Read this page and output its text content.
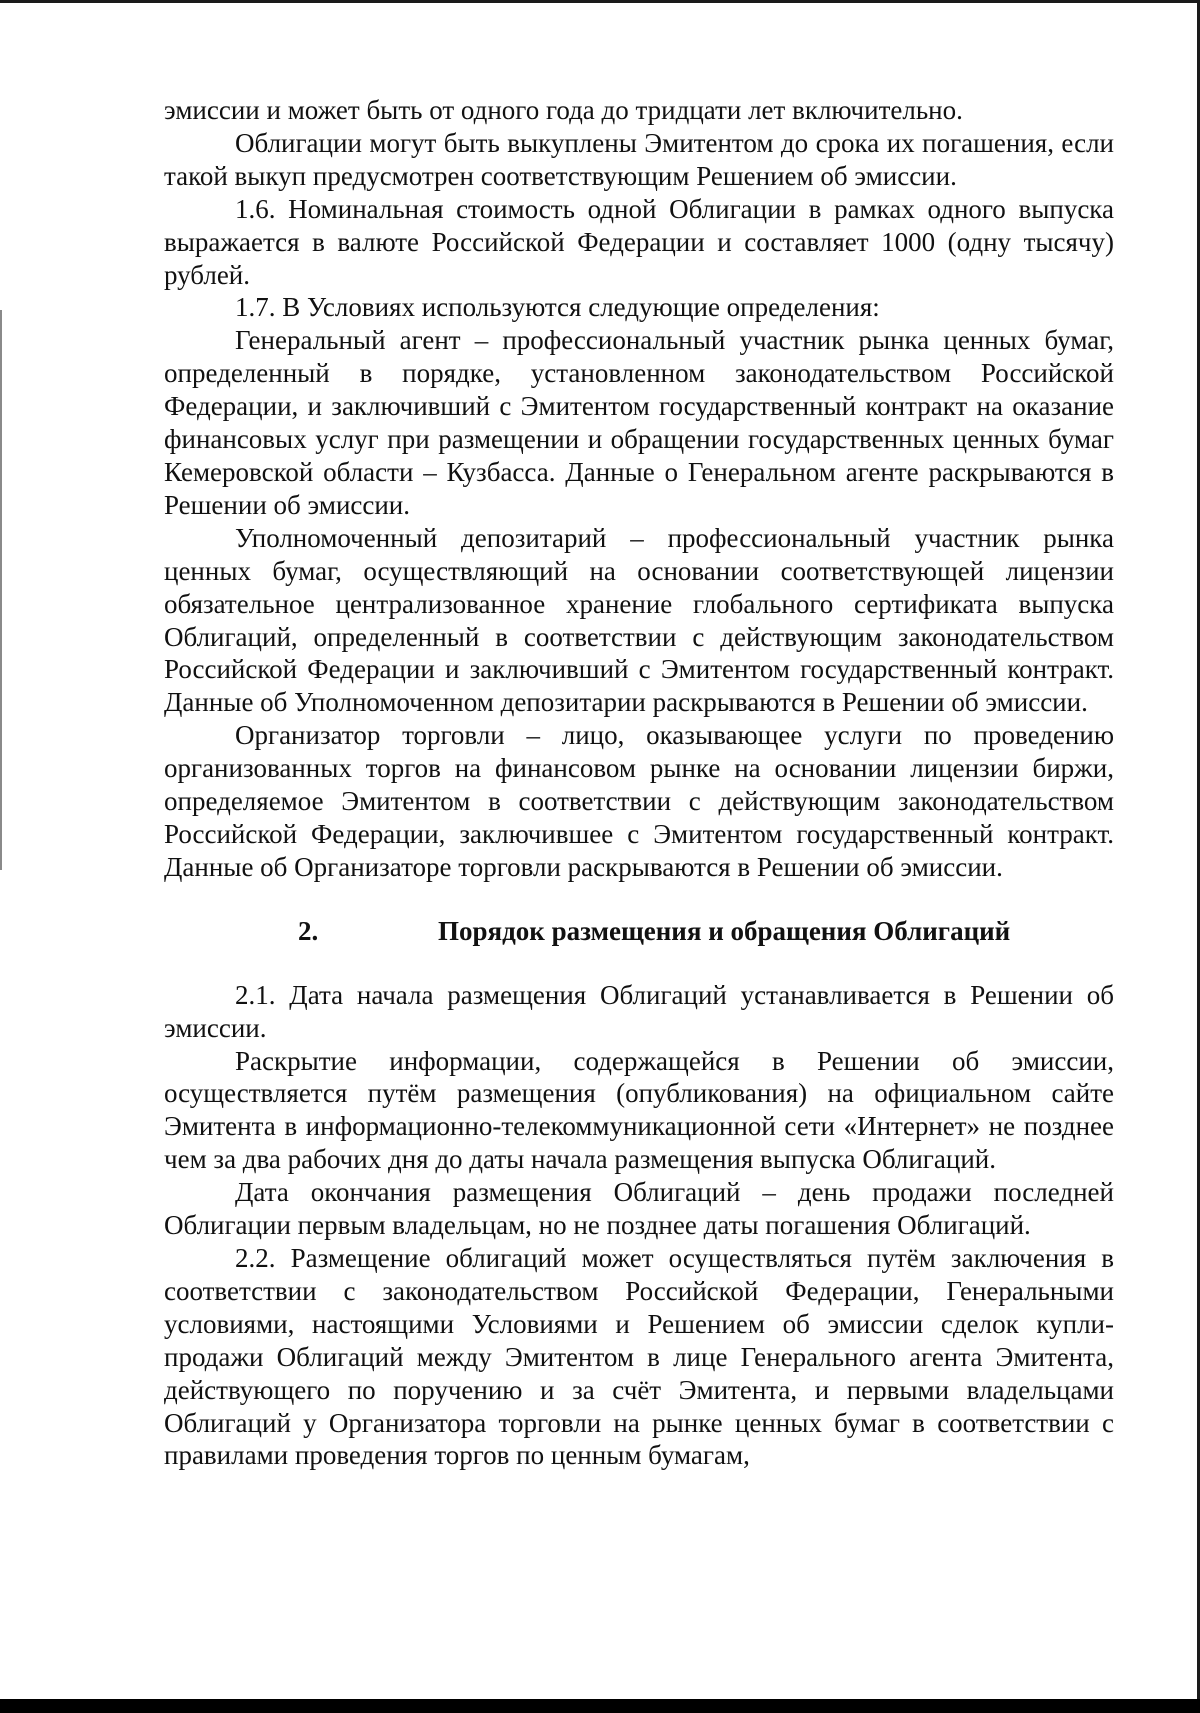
эмиссии и может быть от одного года до тридцати лет включительно.

Облигации могут быть выкуплены Эмитентом до срока их погашения, если такой выкуп предусмотрен соответствующим Решением об эмиссии.

1.6. Номинальная стоимость одной Облигации в рамках одного выпуска выражается в валюте Российской Федерации и составляет 1000 (одну тысячу) рублей.

1.7. В Условиях используются следующие определения:

Генеральный агент – профессиональный участник рынка ценных бумаг, определенный в порядке, установленном законодательством Российской Федерации, и заключивший с Эмитентом государственный контракт на оказание финансовых услуг при размещении и обращении государственных ценных бумаг Кемеровской области – Кузбасса. Данные о Генеральном агенте раскрываются в Решении об эмиссии.

Уполномоченный депозитарий – профессиональный участник рынка ценных бумаг, осуществляющий на основании соответствующей лицензии обязательное централизованное хранение глобального сертификата выпуска Облигаций, определенный в соответствии с действующим законодательством Российской Федерации и заключивший с Эмитентом государственный контракт. Данные об Уполномоченном депозитарии раскрываются в Решении об эмиссии.

Организатор торговли – лицо, оказывающее услуги по проведению организованных торгов на финансовом рынке на основании лицензии биржи, определяемое Эмитентом в соответствии с действующим законодательством Российской Федерации, заключившее с Эмитентом государственный контракт. Данные об Организаторе торговли раскрываются в Решении об эмиссии.

2.	Порядок размещения и обращения Облигаций

2.1. Дата начала размещения Облигаций устанавливается в Решении об эмиссии.

Раскрытие информации, содержащейся в Решении об эмиссии, осуществляется путём размещения (опубликования) на официальном сайте Эмитента в информационно-телекоммуникационной сети «Интернет» не позднее чем за два рабочих дня до даты начала размещения выпуска Облигаций.

Дата окончания размещения Облигаций – день продажи последней Облигации первым владельцам, но не позднее даты погашения Облигаций.

2.2. Размещение облигаций может осуществляться путём заключения в соответствии с законодательством Российской Федерации, Генеральными условиями, настоящими Условиями и Решением об эмиссии сделок купли-продажи Облигаций между Эмитентом в лице Генерального агента Эмитента, действующего по поручению и за счёт Эмитента, и первыми владельцами Облигаций у Организатора торговли на рынке ценных бумаг в соответствии с правилами проведения торгов по ценным бумагам,
